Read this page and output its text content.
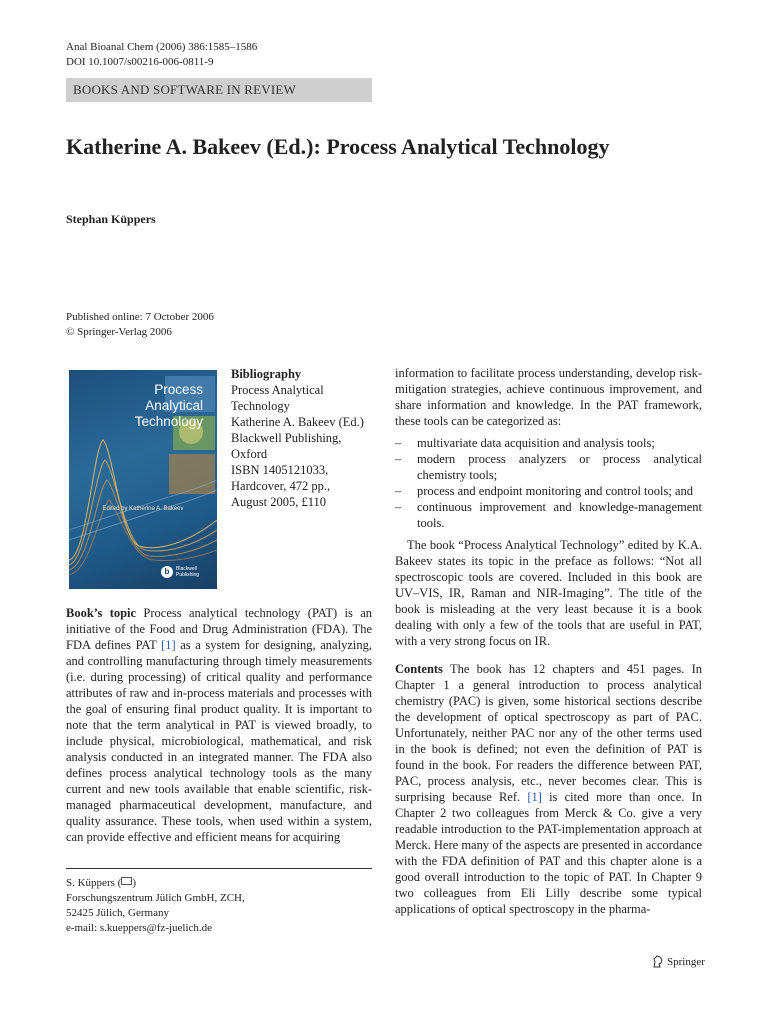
Anal Bioanal Chem (2006) 386:1585–1586
DOI 10.1007/s00216-006-0811-9
BOOKS AND SOFTWARE IN REVIEW
Katherine A. Bakeev (Ed.): Process Analytical Technology
Stephan Küppers
Published online: 7 October 2006
© Springer-Verlag 2006
Process
Analytical
Technology
Edited by Katherine A. Bakeev
b	Blackwell Publishing
Bibliography
Process Analytical
Technology
Katherine A. Bakeev (Ed.)
Blackwell Publishing,
Oxford
ISBN 1405121033,
Hardcover, 472 pp.,
August 2005, £110

Book’s topic Process analytical technology (PAT) is an initiative of the Food and Drug Administration (FDA). The FDA defines PAT [1] as a system for designing, analyzing, and controlling manufacturing through timely measurements (i.e. during processing) of critical quality and performance attributes of raw and in-process materials and processes with the goal of ensuring final product quality. It is important to note that the term analytical in PAT is viewed broadly, to include physical, microbiological, mathematical, and risk analysis conducted in an integrated manner. The FDA also defines process analytical technology tools as the many current and new tools available that enable scientific, risk-managed pharmaceutical development, manufacture, and quality assurance. These tools, when used within a system, can provide effective and efficient means for acquiring

information to facilitate process understanding, develop risk-mitigation strategies, achieve continuous improvement, and share information and knowledge. In the PAT framework, these tools can be categorized as:

– multivariate data acquisition and analysis tools;
– modern process analyzers or process analytical chemistry tools;
– process and endpoint monitoring and control tools; and
– continuous improvement and knowledge-management tools.

The book “Process Analytical Technology” edited by K.A. Bakeev states its topic in the preface as follows: “Not all spectroscopic tools are covered. Included in this book are UV–VIS, IR, Raman and NIR-Imaging”. The title of the book is misleading at the very least because it is a book dealing with only a few of the tools that are useful in PAT, with a very strong focus on IR.

Contents The book has 12 chapters and 451 pages. In Chapter 1 a general introduction to process analytical chemistry (PAC) is given, some historical sections describe the development of optical spectroscopy as part of PAC. Unfortunately, neither PAC nor any of the other terms used in the book is defined; not even the definition of PAT is found in the book. For readers the difference between PAT, PAC, process analysis, etc., never becomes clear. This is surprising because Ref. [1] is cited more than once. In Chapter 2 two colleagues from Merck & Co. give a very readable introduction to the PAT-implementation approach at Merck. Here many of the aspects are presented in accordance with the FDA definition of PAT and this chapter alone is a good overall introduction to the topic of PAT. In Chapter 9 two colleagues from Eli Lilly describe some typical applications of optical spectroscopy in the pharma-

S. Küppers ( )
Forschungszentrum Jülich GmbH, ZCH,
52425 Jülich, Germany
e-mail: s.kueppers@fz-juelich.de
Springer
